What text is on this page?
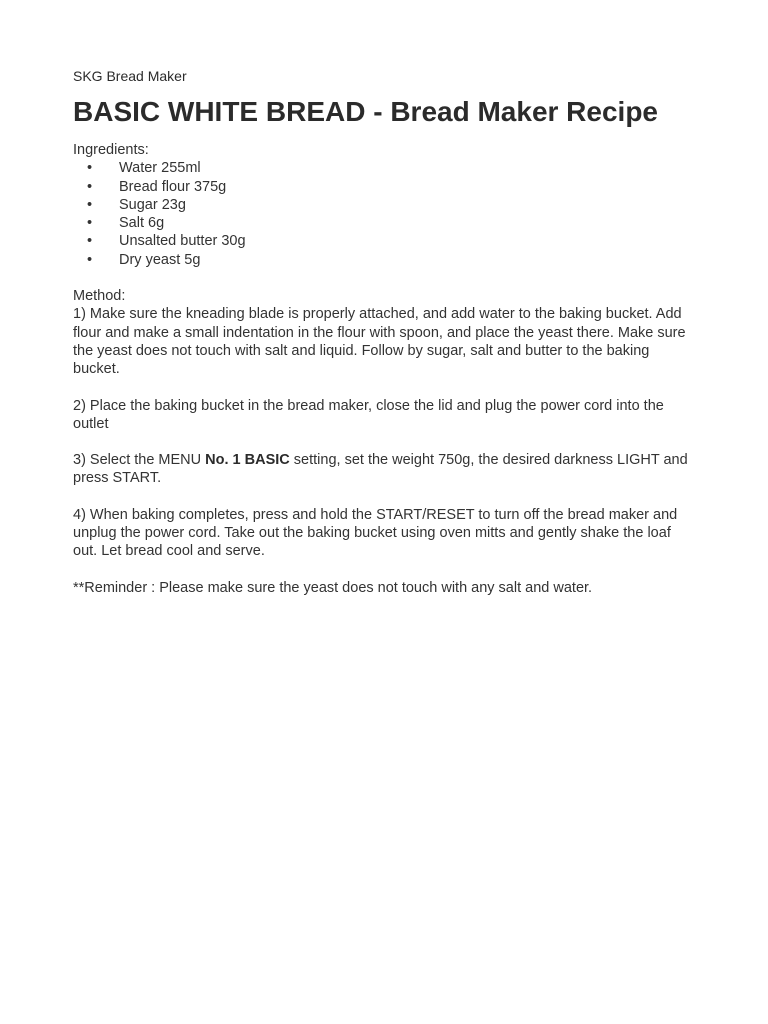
SKG Bread Maker
BASIC WHITE BREAD - Bread Maker Recipe

Ingredients:

• Water 255ml
• Bread flour 375g
• Sugar 23g
• Salt 6g
• Unsalted butter 30g
• Dry yeast 5g

Method:

1) Make sure the kneading blade is properly attached, and add water to the baking bucket. Add flour and make a small indentation in the flour with spoon, and place the yeast there. Make sure the yeast does not touch with salt and liquid. Follow by sugar, salt and butter to the baking bucket.

2) Place the baking bucket in the bread maker, close the lid and plug the power cord into the outlet

3) Select the MENU No. 1 BASIC setting, set the weight 750g, the desired darkness LIGHT and press START.

4) When baking completes, press and hold the START/RESET to turn off the bread maker and unplug the power cord. Take out the baking bucket using oven mitts and gently shake the loaf out. Let bread cool and serve.

**Reminder : Please make sure the yeast does not touch with any salt and water.
